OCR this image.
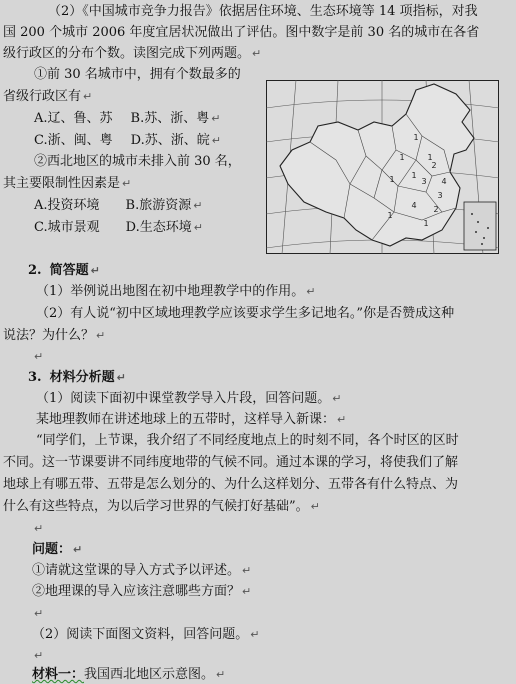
（2）《中国城市竞争力报告》依据居住环境、生态环境等 14 项指标，对我
国 200 个城市 2006 年度宜居状况做出了评估。图中数字是前 30 名的城市在各省
级行政区的分布个数。读图完成下列两题。 ↵
①前 30 名城市中，拥有个数最多的
省级行政区有 ↵
A.辽、鲁、苏 B.苏、浙、粤 ↵
C.浙、闽、粤 D.苏、浙、皖 ↵
②西北地区的城市未排入前 30 名，
其主要限制性因素是 ↵
A.投资环境 B.旅游资源 ↵
C.城市景观 D.生态环境 ↵
1
1
1
1
2
1
4
3
3
2
4
1
1
2. 简答题 ↵
（1）举例说出地图在初中地理教学中的作用。 ↵
（2）有人说“初中区域地理教学应该要求学生多记地名。”你是否赞成这种
说法？为什么？ ↵
↵
3. 材料分析题 ↵
（1）阅读下面初中课堂教学导入片段，回答问题。 ↵
某地理教师在讲述地球上的五带时，这样导入新课： ↵
“同学们，上节课，我介绍了不同经度地点上的时刻不同，各个时区的区时
不同。这一节课要讲不同纬度地带的气候不同。通过本课的学习，将使我们了解
地球上有哪五带、五带是怎么划分的、为什么这样划分、五带各有什么特点、为
什么有这些特点，为以后学习世界的气候打好基础”。 ↵
↵
问题： ↵
①请就这堂课的导入方式予以评述。 ↵
②地理课的导入应该注意哪些方面？ ↵
↵
（2）阅读下面图文资料，回答问题。 ↵
↵
材料一：我国西北地区示意图。 ↵
